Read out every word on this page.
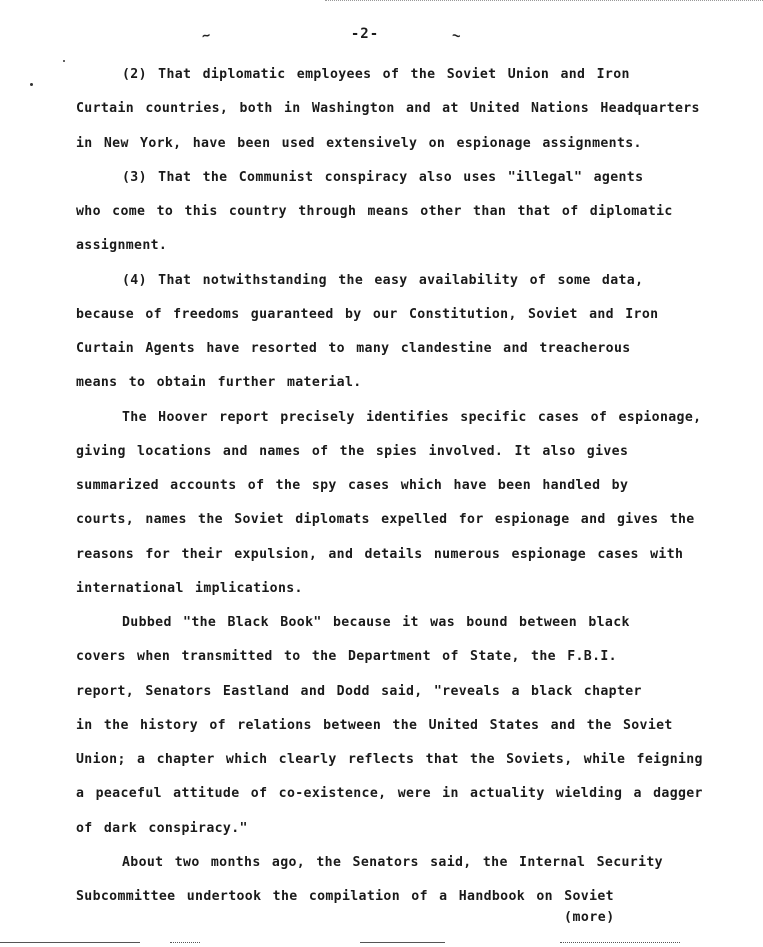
~	-2-	~
(2) That diplomatic employees of the Soviet Union and Iron
Curtain countries, both in Washington and at United Nations Headquarters
in New York, have been used extensively on espionage assignments.
(3) That the Communist conspiracy also uses "illegal" agents
who come to this country through means other than that of diplomatic
assignment.
(4) That notwithstanding the easy availability of some data,
because of freedoms guaranteed by our Constitution, Soviet and Iron
Curtain Agents have resorted to many clandestine and treacherous
means to obtain further material.
The Hoover report precisely identifies specific cases of espionage,
giving locations and names of the spies involved. It also gives
summarized accounts of the spy cases which have been handled by
courts, names the Soviet diplomats expelled for espionage and gives the
reasons for their expulsion, and details numerous espionage cases with
international implications.
Dubbed "the Black Book" because it was bound between black
covers when transmitted to the Department of State, the F.B.I.
report, Senators Eastland and Dodd said, "reveals a black chapter
in the history of relations between the United States and the Soviet
Union; a chapter which clearly reflects that the Soviets, while feigning
a peaceful attitude of co-existence, were in actuality wielding a dagger
of dark conspiracy."
About two months ago, the Senators said, the Internal Security
Subcommittee undertook the compilation of a Handbook on Soviet
(more)
